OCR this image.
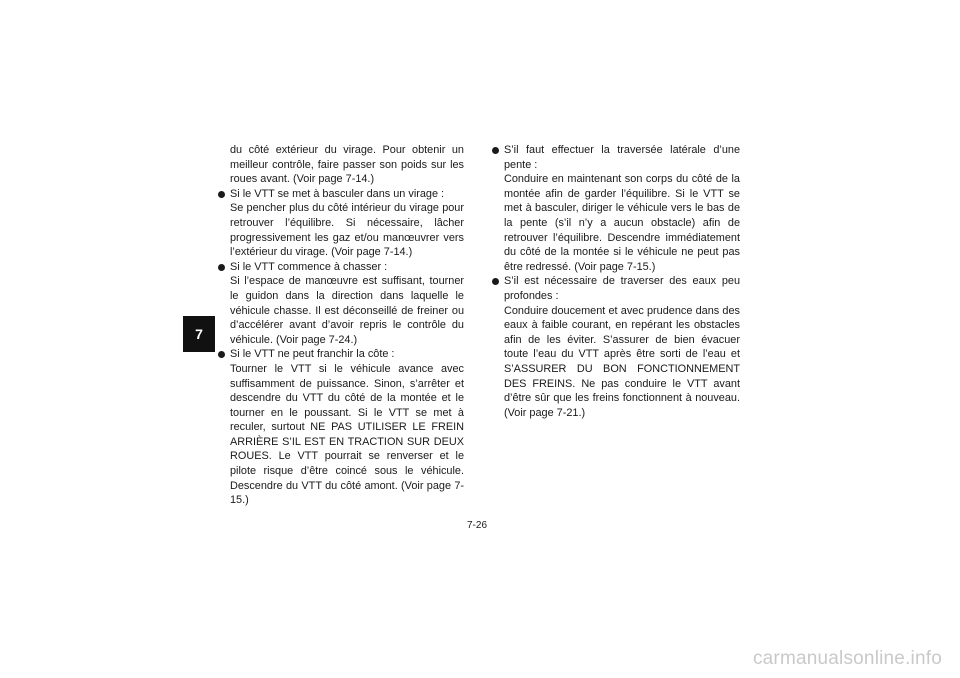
7

du côté extérieur du virage. Pour obtenir un meilleur contrôle, faire passer son poids sur les roues avant. (Voir page 7-14.)

Si le VTT se met à basculer dans un virage :
Se pencher plus du côté intérieur du virage pour retrouver l’équilibre. Si nécessaire, lâcher progressivement les gaz et/ou manœuvrer vers l’extérieur du virage. (Voir page 7-14.)
Si le VTT commence à chasser :
Si l’espace de manœuvre est suffisant, tourner le guidon dans la direction dans laquelle le véhicule chasse. Il est déconseillé de freiner ou d’accélérer avant d’avoir repris le contrôle du véhicule. (Voir page 7-24.)
Si le VTT ne peut franchir la côte :
Tourner le VTT si le véhicule avance avec suffisamment de puissance. Sinon, s’arrêter et descendre du VTT du côté de la montée et le tourner en le poussant. Si le VTT se met à reculer, surtout NE PAS UTILISER LE FREIN ARRIÈRE S’IL EST EN TRACTION SUR DEUX ROUES. Le VTT pourrait se renverser et le pilote risque d’être coincé sous le véhicule. Descendre du VTT du côté amont. (Voir page 7-15.)
S’il faut effectuer la traversée latérale d’une pente :
Conduire en maintenant son corps du côté de la montée afin de garder l’équilibre. Si le VTT se met à basculer, diriger le véhicule vers le bas de la pente (s’il n’y a aucun obstacle) afin de retrouver l’équilibre. Descendre immédiatement du côté de la montée si le véhicule ne peut pas être redressé. (Voir page 7-15.)
S’il est nécessaire de traverser des eaux peu profondes :
Conduire doucement et avec prudence dans des eaux à faible courant, en repérant les obstacles afin de les éviter. S’assurer de bien évacuer toute l’eau du VTT après être sorti de l’eau et S’ASSURER DU BON FONCTIONNEMENT DES FREINS. Ne pas conduire le VTT avant d’être sûr que les freins fonctionnent à nouveau. (Voir page 7-21.)
7-26
carmanualsonline.info
